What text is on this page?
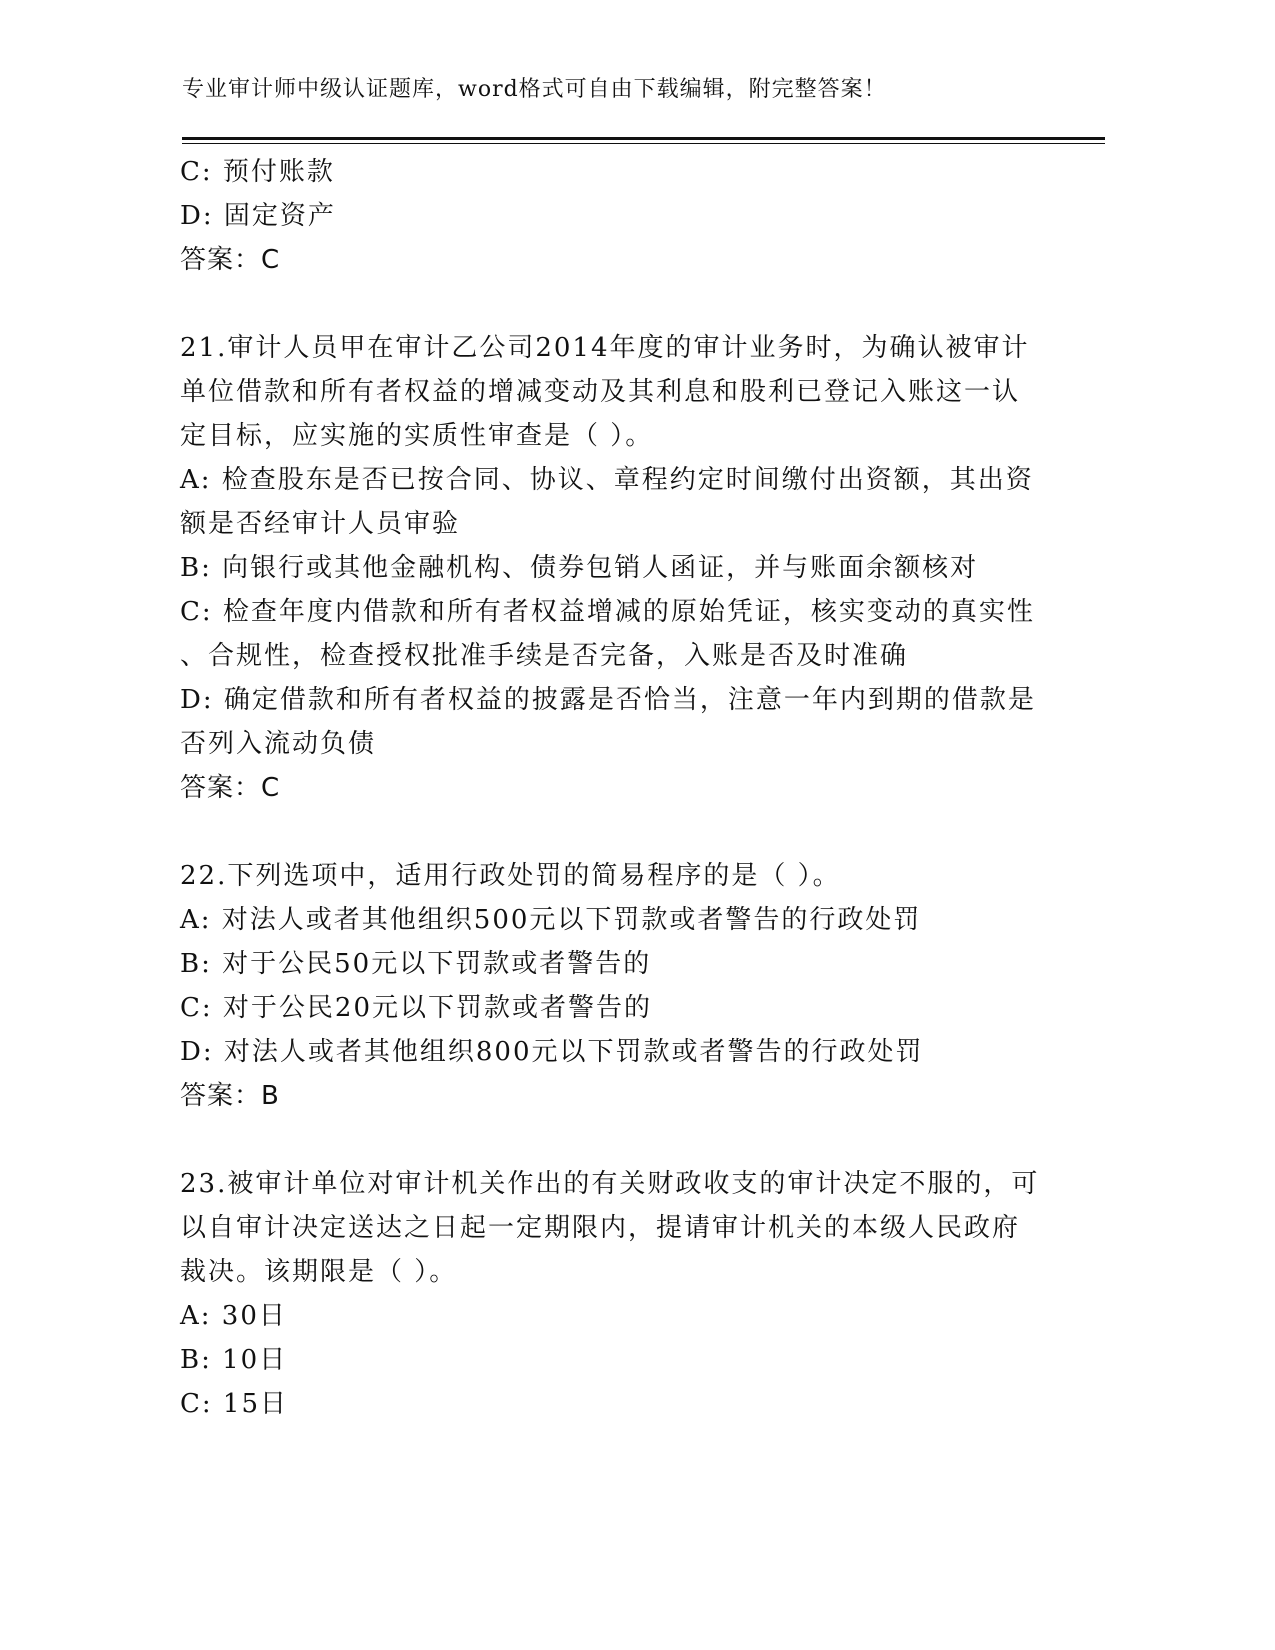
专业审计师中级认证题库，word格式可自由下载编辑，附完整答案！
C: 预付账款
D: 固定资产
答案：C
21.审计人员甲在审计乙公司2014年度的审计业务时，为确认被审计
单位借款和所有者权益的增减变动及其利息和股利已登记入账这一认
定目标，应实施的实质性审查是（ ）。
A: 检查股东是否已按合同、协议、章程约定时间缴付出资额，其出资
额是否经审计人员审验
B: 向银行或其他金融机构、债券包销人函证，并与账面余额核对
C: 检查年度内借款和所有者权益增减的原始凭证，核实变动的真实性
、合规性，检查授权批准手续是否完备，入账是否及时准确
D: 确定借款和所有者权益的披露是否恰当，注意一年内到期的借款是
否列入流动负债
答案：C
22.下列选项中，适用行政处罚的简易程序的是（ ）。
A: 对法人或者其他组织500元以下罚款或者警告的行政处罚
B: 对于公民50元以下罚款或者警告的
C: 对于公民20元以下罚款或者警告的
D: 对法人或者其他组织800元以下罚款或者警告的行政处罚
答案：B
23.被审计单位对审计机关作出的有关财政收支的审计决定不服的，可
以自审计决定送达之日起一定期限内，提请审计机关的本级人民政府
裁决。该期限是（ ）。
A: 30日
B: 10日
C: 15日
